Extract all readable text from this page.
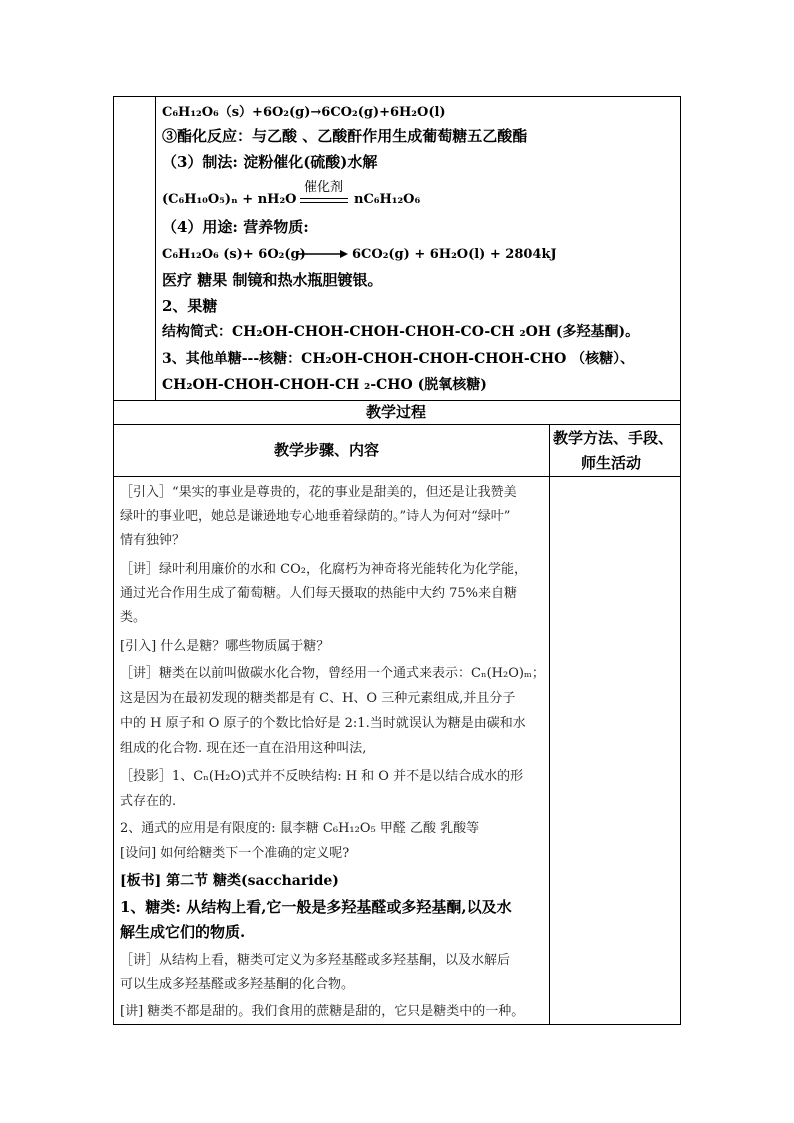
C₆H₁₂O₆（s）+6O₂(g)→6CO₂(g)+6H₂O(l)
③酯化反应：与乙酸 、乙酸酐作用生成葡萄糖五乙酸酯
（3）制法: 淀粉催化(硫酸)水解
(C₆H₁₀O₅)ₙ + nH₂O
催化剂
nC₆H₁₂O₆
（4）用途: 营养物质:
C₆H₁₂O₆ (s)+ 6O₂(g) → 6CO₂(g) + 6H₂O(l) + 2804kJ
医疗 糖果 制镜和热水瓶胆镀银。
2、果糖
结构简式：CH₂OH-CHOH-CHOH-CHOH-CO-CH ₂OH (多羟基酮)。
3、其他单糖---核糖：CH₂OH-CHOH-CHOH-CHOH-CHO （核糖）、
CH₂OH-CHOH-CHOH-CH ₂-CHO (脱氧核糖)
教学过程
教学步骤、内容
教学方法、手段、
师生活动
［引入］“果实的事业是尊贵的，花的事业是甜美的，但还是让我赞美
绿叶的事业吧，她总是谦逊地专心地垂着绿荫的。”诗人为何对“绿叶”
情有独钟？
［讲］绿叶利用廉价的水和 CO₂，化腐朽为神奇将光能转化为化学能，
通过光合作用生成了葡萄糖。人们每天摄取的热能中大约 75%来自糖
类。
[引入] 什么是糖？哪些物质属于糖？
［讲］糖类在以前叫做碳水化合物，曾经用一个通式来表示：Cₙ(H₂O)ₘ；
这是因为在最初发现的糖类都是有 C、H、O 三种元素组成,并且分子
中的 H 原子和 O 原子的个数比恰好是 2:1.当时就误认为糖是由碳和水
组成的化合物. 现在还一直在沿用这种叫法,
［投影］1、Cₙ(H₂O)式并不反映结构: H 和 O 并不是以结合成水的形
式存在的.
2、通式的应用是有限度的: 鼠李糖 C₆H₁₂O₅ 甲醛 乙酸 乳酸等
[设问] 如何给糖类下一个准确的定义呢?
[板书] 第二节 糖类(saccharide)
1、糖类: 从结构上看,它一般是多羟基醛或多羟基酮,以及水
解生成它们的物质.
［讲］从结构上看，糖类可定义为多羟基醛或多羟基酮，以及水解后
可以生成多羟基醛或多羟基酮的化合物。
[讲] 糖类不都是甜的。我们食用的蔗糖是甜的，它只是糖类中的一种。
